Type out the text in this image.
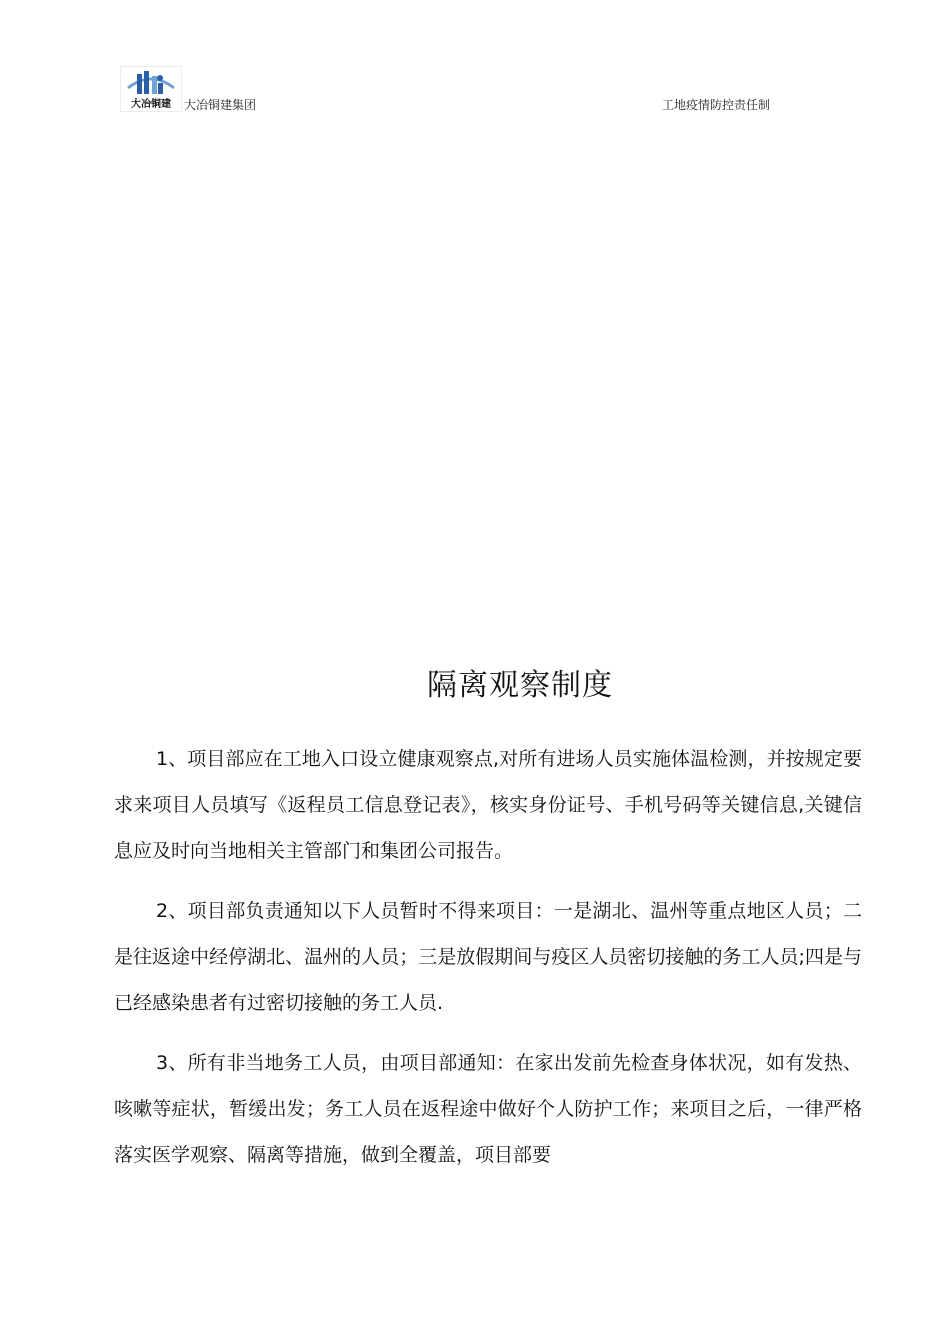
大冶铜建 大冶铜建集团	工地疫情防控责任制
隔离观察制度

1、项目部应在工地入口设立健康观察点,对所有进场人员实施体温检测，并按规定要求来项目人员填写《返程员工信息登记表》，核实身份证号、手机号码等关键信息,关键信息应及时向当地相关主管部门和集团公司报告。

2、项目部负责通知以下人员暂时不得来项目：一是湖北、温州等重点地区人员；二是往返途中经停湖北、温州的人员；三是放假期间与疫区人员密切接触的务工人员;四是与已经感染患者有过密切接触的务工人员.

3、所有非当地务工人员，由项目部通知：在家出发前先检查身体状况，如有发热、咳嗽等症状，暂缓出发；务工人员在返程途中做好个人防护工作；来项目之后，一律严格落实医学观察、隔离等措施，做到全覆盖，项目部要
